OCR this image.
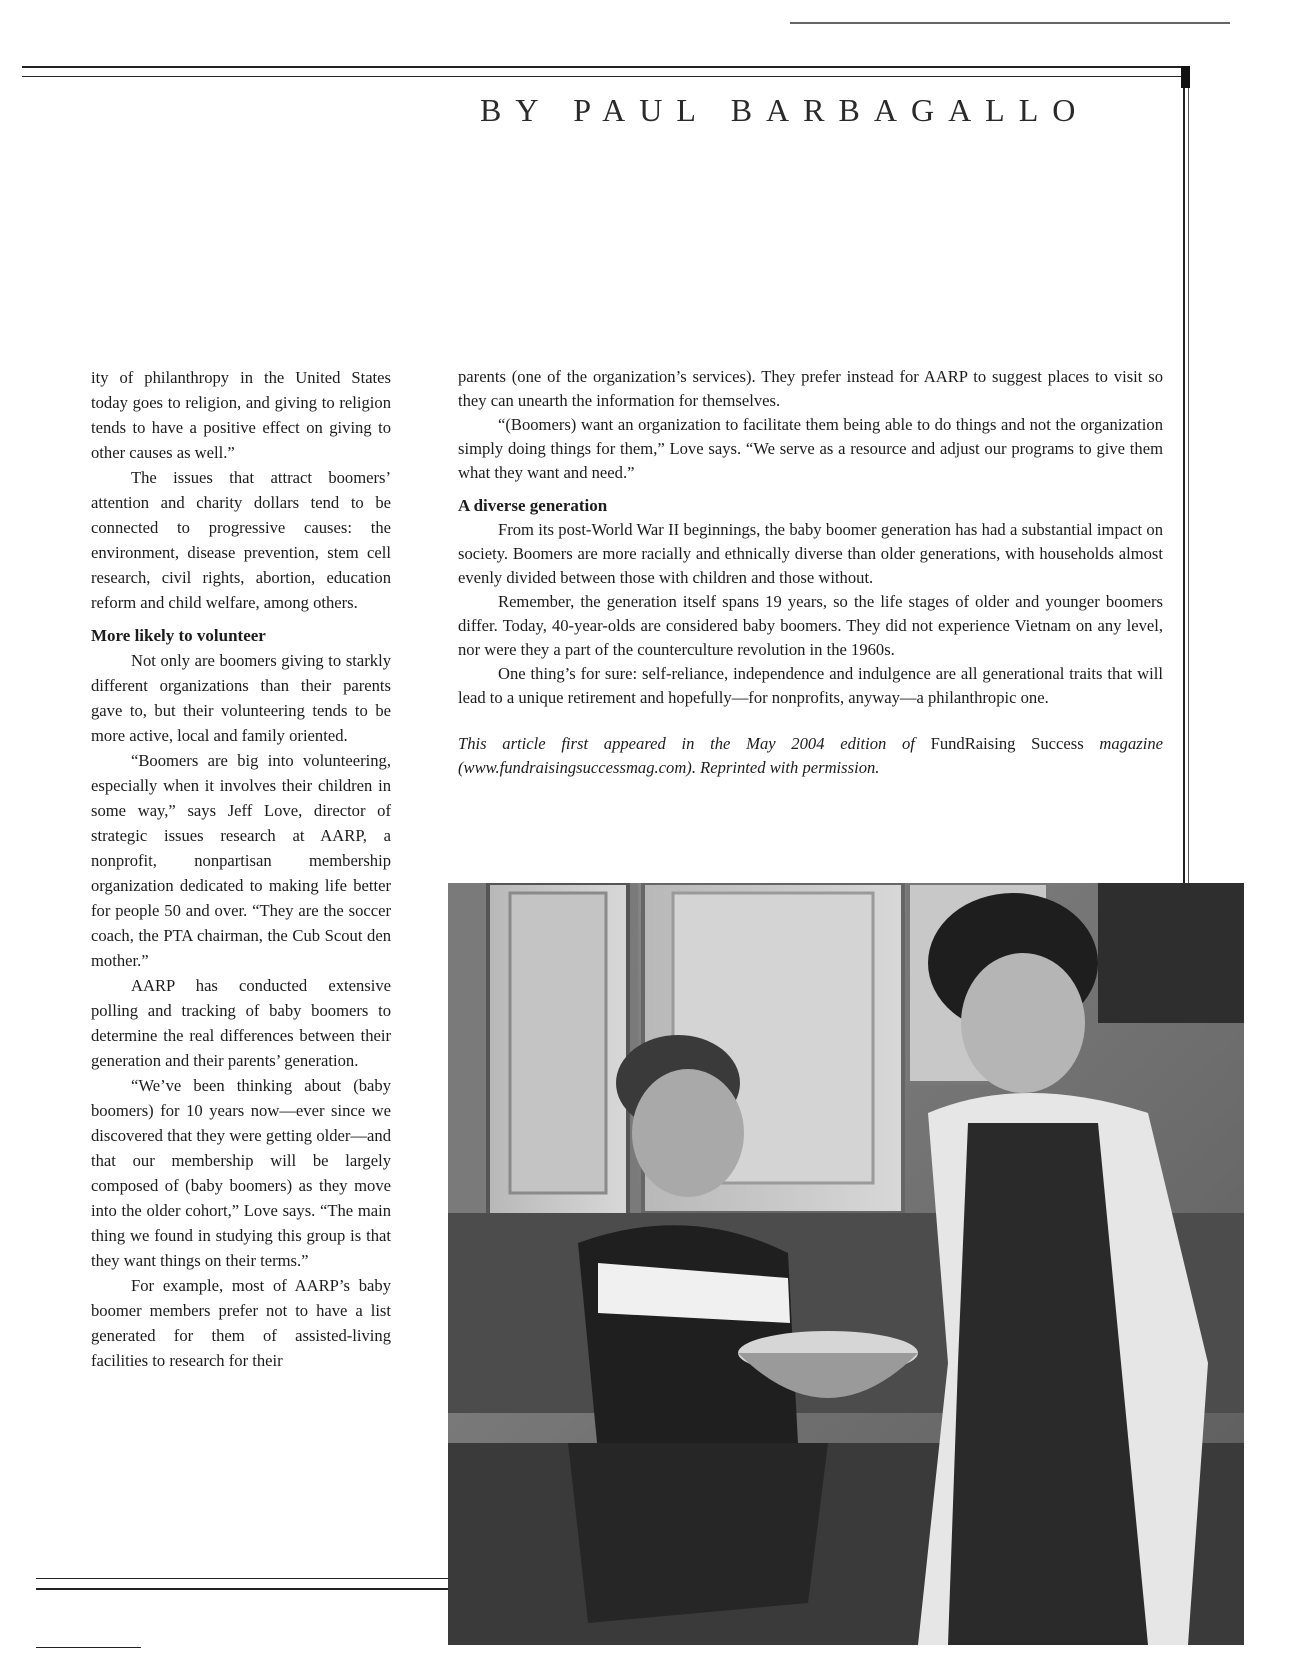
BY PAUL BARBAGALLO

ity of philanthropy in the United States today goes to religion, and giving to religion tends to have a positive effect on giving to other causes as well.”

The issues that attract boomers’ attention and charity dollars tend to be connected to progressive causes: the environment, disease prevention, stem cell research, civil rights, abortion, education reform and child welfare, among others.

More likely to volunteer

Not only are boomers giving to starkly different organizations than their parents gave to, but their volunteering tends to be more active, local and family oriented.

“Boomers are big into volunteering, especially when it involves their children in some way,” says Jeff Love, director of strategic issues research at AARP, a nonprofit, nonpartisan membership organization dedicated to making life better for people 50 and over. “They are the soccer coach, the PTA chairman, the Cub Scout den mother.”

AARP has conducted extensive polling and tracking of baby boomers to determine the real differences between their generation and their parents’ generation.

“We’ve been thinking about (baby boomers) for 10 years now—ever since we discovered that they were getting older—and that our membership will be largely composed of (baby boomers) as they move into the older cohort,” Love says. “The main thing we found in studying this group is that they want things on their terms.”

For example, most of AARP’s baby boomer members prefer not to have a list generated for them of assisted-living facilities to research for their

parents (one of the organization’s services). They prefer instead for AARP to suggest places to visit so they can unearth the information for themselves.

“(Boomers) want an organization to facilitate them being able to do things and not the organization simply doing things for them,” Love says. “We serve as a resource and adjust our programs to give them what they want and need.”

A diverse generation

From its post-World War II beginnings, the baby boomer generation has had a substantial impact on society. Boomers are more racially and ethnically diverse than older generations, with households almost evenly divided between those with children and those without.

Remember, the generation itself spans 19 years, so the life stages of older and younger boomers differ. Today, 40-year-olds are considered baby boomers. They did not experience Vietnam on any level, nor were they a part of the counterculture revolution in the 1960s.

One thing’s for sure: self-reliance, independence and indulgence are all generational traits that will lead to a unique retirement and hopefully—for nonprofits, anyway—a philanthropic one.

This article first appeared in the May 2004 edition of FundRaising Success magazine (www.fundraisingsuccessmag.com). Reprinted with permission.
